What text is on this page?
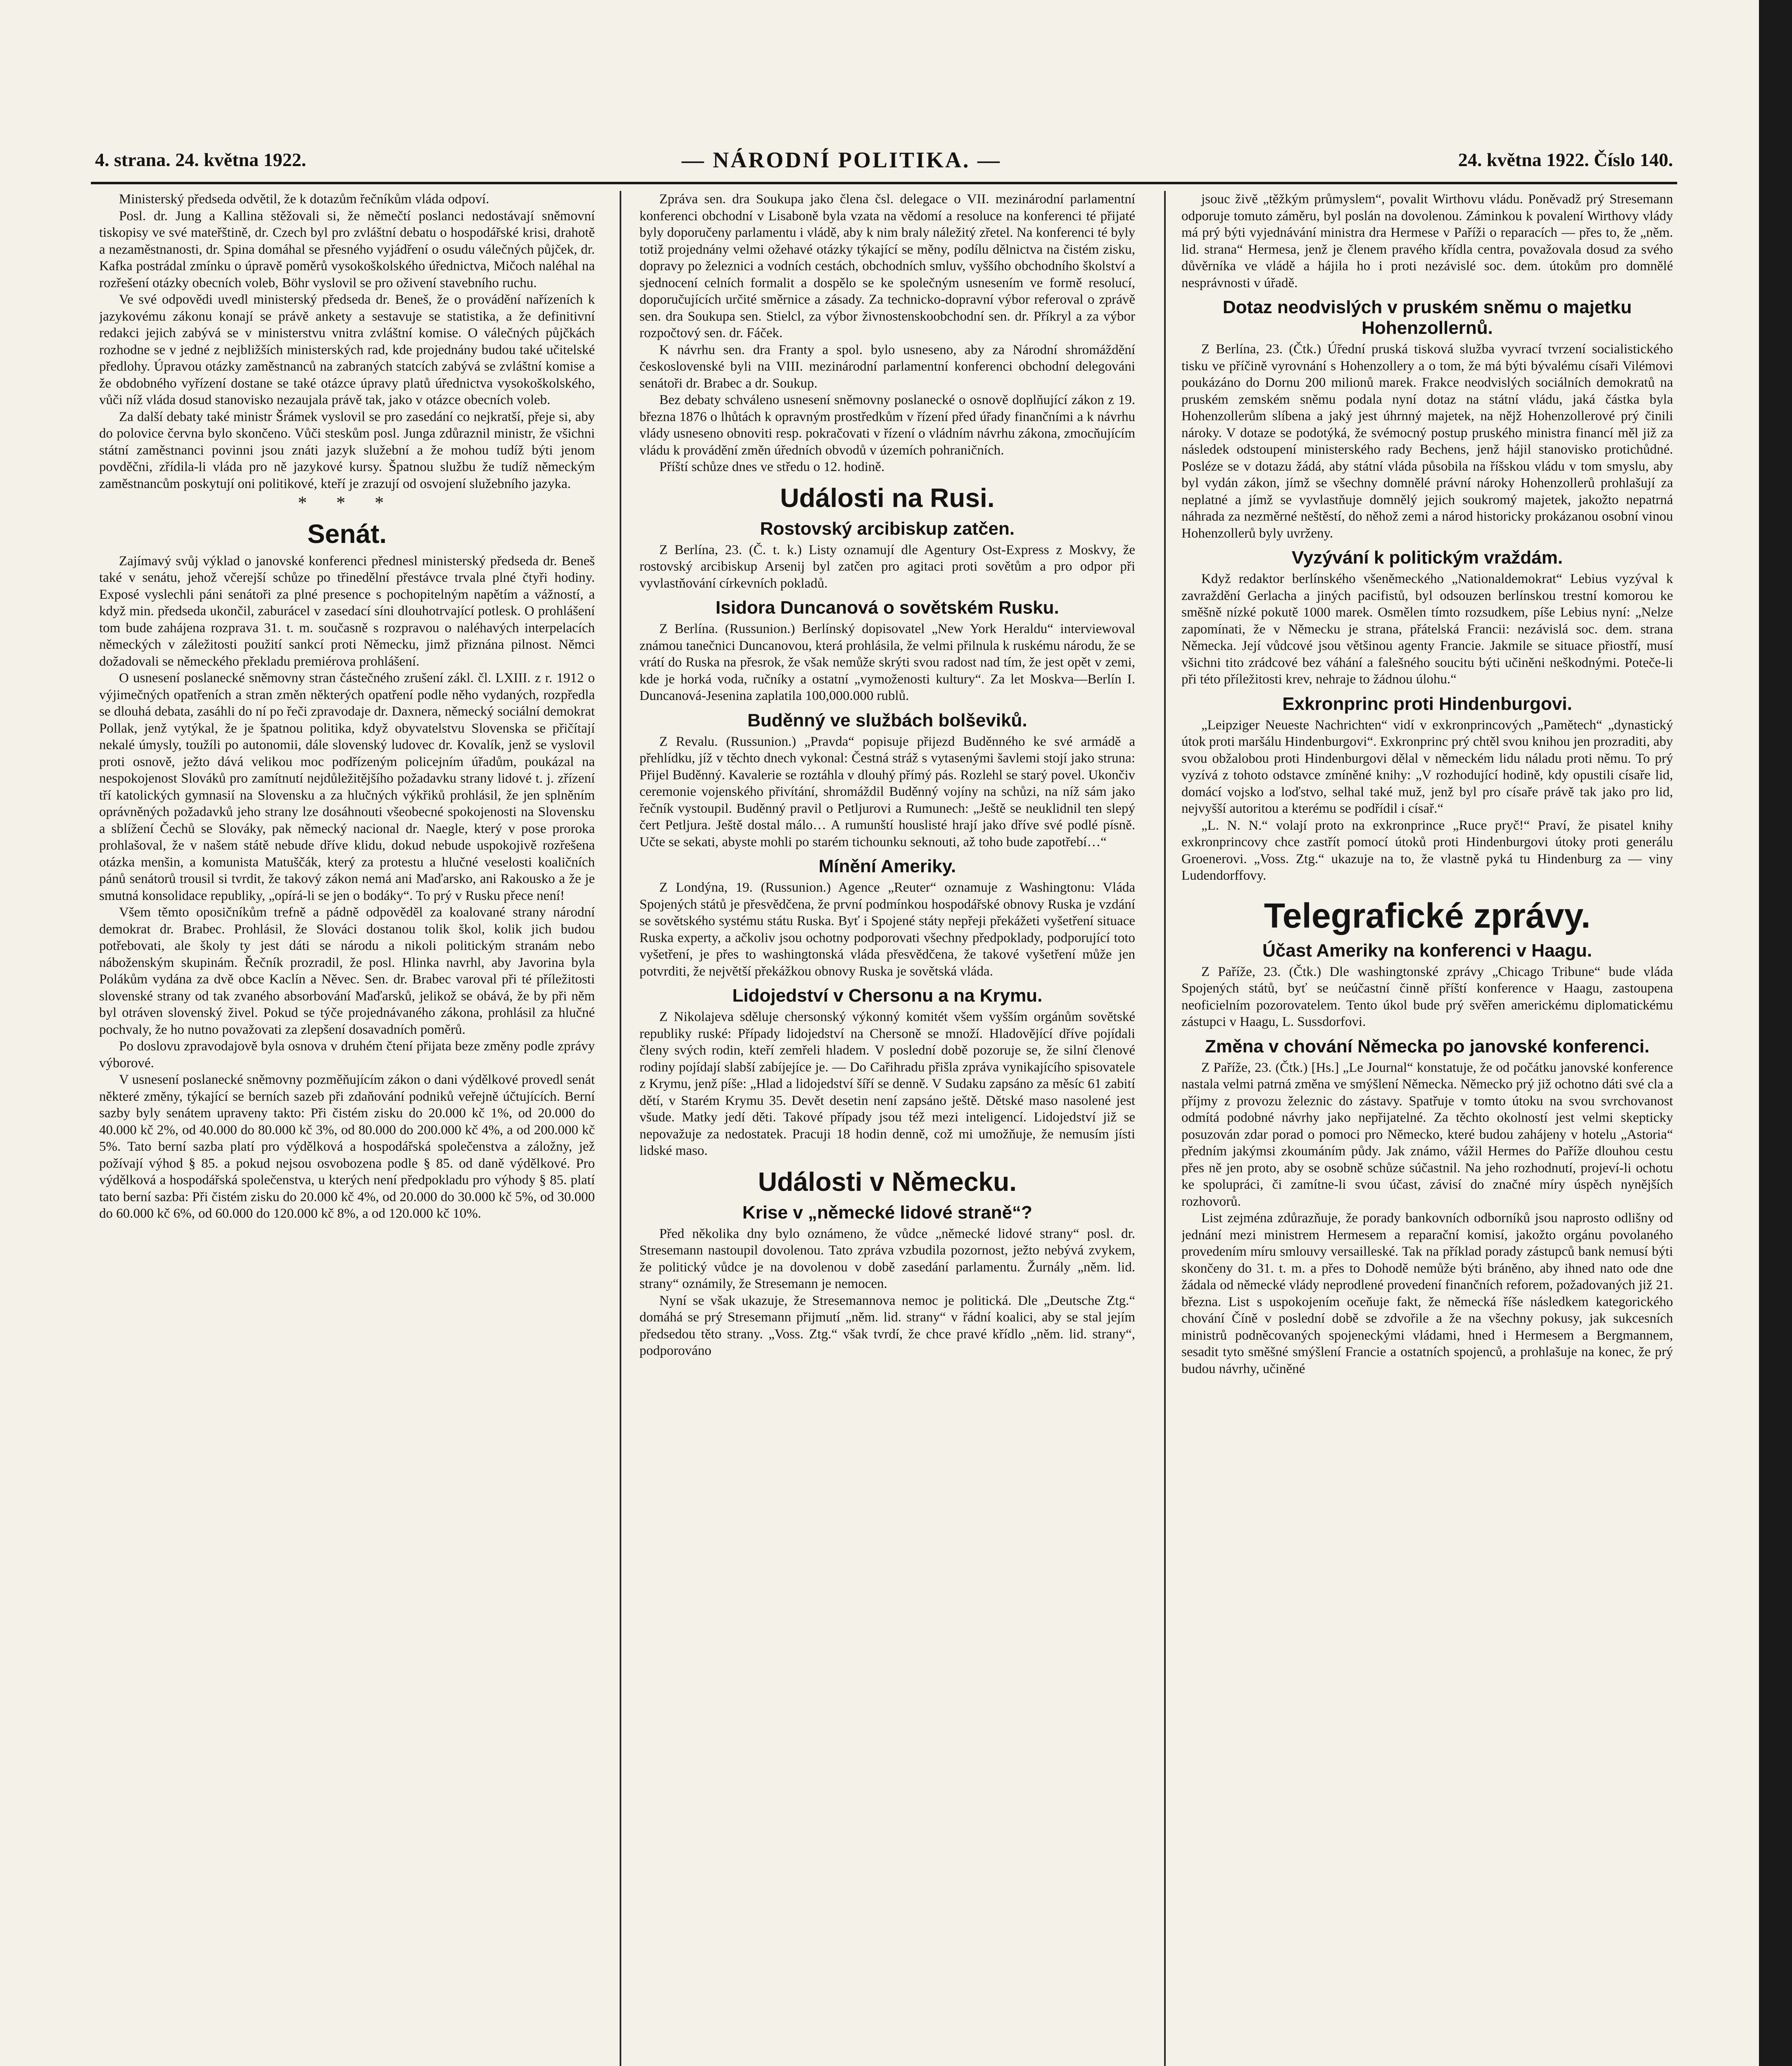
4. strana. 24. května 1922.	— NÁRODNÍ POLITIKA. —	24. května 1922. Číslo 140.

Ministerský předseda odvětil, že k dotazům řečníkům vláda odpoví.

Posl. dr. Jung a Kallina stěžovali si, že němečtí poslanci nedostávají sněmovní tiskopisy ve své mateřštině, dr. Czech byl pro zvláštní debatu o hospodářské krisi, drahotě a nezaměstnanosti, dr. Spina domáhal se přesného vyjádření o osudu válečných půjček, dr. Kafka postrádal zmínku o úpravě poměrů vysokoškolského úřednictva, Mičoch naléhal na rozřešení otázky obecních voleb, Böhr vyslovil se pro oživení stavebního ruchu.

Ve své odpovědi uvedl ministerský předseda dr. Beneš, že o provádění nařízeních k jazykovému zákonu konají se právě ankety a sestavuje se statistika, a že definitivní redakci jejich zabývá se v ministerstvu vnitra zvláštní komise. O válečných půjčkách rozhodne se v jedné z nejbližších ministerských rad, kde projednány budou také učitelské předlohy. Úpravou otázky zaměstnanců na zabraných statcích zabývá se zvláštní komise a že obdobného vyřízení dostane se také otázce úpravy platů úřednictva vysokoškolského, vůči níž vláda dosud stanovisko nezaujala právě tak, jako v otázce obecních voleb.

Za další debaty také ministr Šrámek vyslovil se pro zasedání co nejkratší, přeje si, aby do polovice června bylo skončeno. Vůči steskům posl. Junga zdůraznil ministr, že všichni státní zaměstnanci povinni jsou znáti jazyk služební a že mohou tudíž býti jenom povděčni, zřídila-li vláda pro ně jazykové kursy. Špatnou službu že tudíž německým zaměstnancům poskytují oni politikové, kteří je zrazují od osvojení služebního jazyka.

* * *
Senát.

Zajímavý svůj výklad o janovské konferenci přednesl ministerský předseda dr. Beneš také v senátu, jehož včerejší schůze po třinedělní přestávce trvala plné čtyři hodiny. Exposé vyslechli páni senátoři za plné presence s pochopitelným napětím a vážností, a když min. předseda ukončil, zaburácel v zasedací síni dlouhotrvající potlesk. O prohlášení tom bude zahájena rozprava 31. t. m. současně s rozpravou o naléhavých interpelacích německých v záležitosti použití sankcí proti Německu, jimž přiznána pilnost. Němci dožadovali se německého překladu premiérova prohlášení.

O usnesení poslanecké sněmovny stran částečného zrušení zákl. čl. LXIII. z r. 1912 o výjimečných opatřeních a stran změn některých opatření podle něho vydaných, rozpředla se dlouhá debata, zasáhli do ní po řeči zpravodaje dr. Daxnera, německý sociální demokrat Pollak, jenž vytýkal, že je špatnou politika, když obyvatelstvu Slovenska se přičítají nekalé úmysly, toužíli po autonomii, dále slovenský ludovec dr. Kovalík, jenž se vyslovil proti osnově, ježto dává velikou moc podřízeným policejním úřadům, poukázal na nespokojenost Slováků pro zamítnutí nejdůležitějšího požadavku strany lidové t. j. zřízení tří katolických gymnasií na Slovensku a za hlučných výkřiků prohlásil, že jen splněním oprávněných požadavků jeho strany lze dosáhnouti všeobecné spokojenosti na Slovensku a sblížení Čechů se Slováky, pak německý nacional dr. Naegle, který v pose proroka prohlašoval, že v našem státě nebude dříve klidu, dokud nebude uspokojivě rozřešena otázka menšin, a komunista Matuščák, který za protestu a hlučné veselosti koaličních pánů senátorů trousil si tvrdit, že takový zákon nemá ani Maďarsko, ani Rakousko a že je smutná konsolidace republiky, „opírá-li se jen o bodáky“. To prý v Rusku přece není!

Všem těmto oposičníkům trefně a pádně odpověděl za koalované strany národní demokrat dr. Brabec. Prohlásil, že Slováci dostanou tolik škol, kolik jich budou potřebovati, ale školy ty jest dáti se národu a nikoli politickým stranám nebo náboženským skupinám. Řečník prozradil, že posl. Hlinka navrhl, aby Javorina byla Polákům vydána za dvě obce Kaclín a Něvec. Sen. dr. Brabec varoval při té příležitosti slovenské strany od tak zvaného absorbování Maďarsků, jelikož se obává, že by při něm byl otráven slovenský živel. Pokud se týče projednávaného zákona, prohlásil za hlučné pochvaly, že ho nutno považovati za zlepšení dosavadních poměrů.

Po doslovu zpravodajově byla osnova v druhém čtení přijata beze změny podle zprávy výborové.

V usnesení poslanecké sněmovny pozměňujícím zákon o dani výdělkové provedl senát některé změny, týkající se berních sazeb při zdaňování podniků veřejně účtujících. Berní sazby byly senátem upraveny takto: Při čistém zisku do 20.000 kč 1%, od 20.000 do 40.000 kč 2%, od 40.000 do 80.000 kč 3%, od 80.000 do 200.000 kč 4%, a od 200.000 kč 5%. Tato berní sazba platí pro výdělková a hospodářská společenstva a záložny, jež požívají výhod § 85. a pokud nejsou osvobozena podle § 85. od daně výdělkové. Pro výdělková a hospodářská společenstva, u kterých není předpokladu pro výhody § 85. platí tato berní sazba: Při čistém zisku do 20.000 kč 4%, od 20.000 do 30.000 kč 5%, od 30.000 do 60.000 kč 6%, od 60.000 do 120.000 kč 8%, a od 120.000 kč 10%.

Zpráva sen. dra Soukupa jako člena čsl. delegace o VII. mezinárodní parlamentní konferenci obchodní v Lisaboně byla vzata na vědomí a resoluce na konferenci té přijaté byly doporučeny parlamentu i vládě, aby k nim braly náležitý zřetel. Na konferenci té byly totiž projednány velmi ožehavé otázky týkající se měny, podílu dělnictva na čistém zisku, dopravy po železnici a vodních cestách, obchodních smluv, vyššího obchodního školství a sjednocení celních formalit a dospělo se ke společným usnesením ve formě resolucí, doporučujících určité směrnice a zásady. Za technicko-dopravní výbor referoval o zprávě sen. dra Soukupa sen. Stielcl, za výbor živnostenskoobchodní sen. dr. Příkryl a za výbor rozpočtový sen. dr. Fáček.

K návrhu sen. dra Franty a spol. bylo usneseno, aby za Národní shromáždění československé byli na VIII. mezinárodní parlamentní konferenci obchodní delegováni senátoři dr. Brabec a dr. Soukup.

Bez debaty schváleno usnesení sněmovny poslanecké o osnově doplňující zákon z 19. března 1876 o lhůtách k opravným prostředkům v řízení před úřady finančními a k návrhu vlády usneseno obnoviti resp. pokračovati v řízení o vládním návrhu zákona, zmocňujícím vládu k provádění změn úředních obvodů v územích pohraničních.

Příští schůze dnes ve středu o 12. hodině.

Události na Rusi.
Rostovský arcibiskup zatčen.

Z Berlína, 23. (Č. t. k.) Listy oznamují dle Agentury Ost-Express z Moskvy, že rostovský arcibiskup Arsenij byl zatčen pro agitaci proti sovětům a pro odpor při vyvlastňování církevních pokladů.

Isidora Duncanová o sovětském Rusku.

Z Berlína. (Russunion.) Berlínský dopisovatel „New York Heraldu“ interviewoval známou tanečnici Duncanovou, která prohlásila, že velmi přilnula k ruskému národu, že se vrátí do Ruska na přesrok, že však nemůže skrýti svou radost nad tím, že jest opět v zemi, kde je horká voda, ručníky a ostatní „vymoženosti kultury“. Za let Moskva—Berlín I. Duncanová-Jesenina zaplatila 100,000.000 rublů.

Buděnný ve službách bolševiků.

Z Revalu. (Russunion.) „Pravda“ popisuje přijezd Buděnného ke své armádě a přehlídku, jíž v těchto dnech vykonal: Čestná stráž s vytasenými šavlemi stojí jako struna: Přijel Buděnný. Kavalerie se roztáhla v dlouhý přímý pás. Rozlehl se starý povel. Ukončiv ceremonie vojenského přivítání, shromáždil Buděnný vojíny na schůzi, na níž sám jako řečník vystoupil. Buděnný pravil o Petljurovi a Rumunech: „Ještě se neuklidnil ten slepý čert Petljura. Ještě dostal málo… A rumunští houslisté hrají jako dříve své podlé písně. Učte se sekati, abyste mohli po starém tichounku seknouti, až toho bude zapotřebí…“

Mínění Ameriky.

Z Londýna, 19. (Russunion.) Agence „Reuter“ oznamuje z Washingtonu: Vláda Spojených států je přesvědčena, že první podmínkou hospodářské obnovy Ruska je vzdání se sovětského systému státu Ruska. Byť i Spojené státy nepřeji překážeti vyšetření situace Ruska experty, a ačkoliv jsou ochotny podporovati všechny předpoklady, podporující toto vyšetření, je přes to washingtonská vláda přesvědčena, že takové vyšetření může jen potvrditi, že největší překážkou obnovy Ruska je sovětská vláda.

Lidojedství v Chersonu a na Krymu.

Z Nikolajeva sděluje chersonský výkonný komitét všem vyšším orgánům sovětské republiky ruské: Případy lidojedství na Chersoně se množí. Hladovějící dříve pojídali členy svých rodin, kteří zemřeli hladem. V poslední době pozoruje se, že silní členové rodiny pojídají slabší zabíjejíce je. — Do Cařihradu přišla zpráva vynikajícího spisovatele z Krymu, jenž píše: „Hlad a lidojedství šíří se denně. V Sudaku zapsáno za měsíc 61 zabití dětí, v Starém Krymu 35. Devět desetin není zapsáno ještě. Dětské maso nasolené jest všude. Matky jedí děti. Takové případy jsou též mezi inteligencí. Lidojedství již se nepovažuje za nedostatek. Pracuji 18 hodin denně, což mi umožňuje, že nemusím jísti lidské maso.

Události v Německu.
Krise v „německé lidové straně“?

Před několika dny bylo oznámeno, že vůdce „německé lidové strany“ posl. dr. Stresemann nastoupil dovolenou. Tato zpráva vzbudila pozornost, ježto nebývá zvykem, že politický vůdce je na dovolenou v době zasedání parlamentu. Žurnály „něm. lid. strany“ oznámily, že Stresemann je nemocen.

Nyní se však ukazuje, že Stresemannova nemoc je politická. Dle „Deutsche Ztg.“ domáhá se prý Stresemann přijmutí „něm. lid. strany“ v řádní koalici, aby se stal jejím předsedou těto strany. „Voss. Ztg.“ však tvrdí, že chce pravé křídlo „něm. lid. strany“, podporováno

jsouc živě „těžkým průmyslem“, povalit Wirthovu vládu. Poněvadž prý Stresemann odporuje tomuto záměru, byl poslán na dovolenou. Záminkou k povalení Wirthovy vlády má prý býti vyjednávání ministra dra Hermese v Paříži o reparacích — přes to, že „něm. lid. strana“ Hermesa, jenž je členem pravého křídla centra, považovala dosud za svého důvěrníka ve vládě a hájila ho i proti nezávislé soc. dem. útokům pro domnělé nesprávnosti v úřadě.

Dotaz neodvislých v pruském sněmu o majetku Hohenzollernů.

Z Berlína, 23. (Čtk.) Úřední pruská tisková služba vyvrací tvrzení socialistického tisku ve příčině vyrovnání s Hohenzollery a o tom, že má býti bývalému císaři Vilémovi poukázáno do Dornu 200 milionů marek. Frakce neodvislých sociálních demokratů na pruském zemském sněmu podala nyní dotaz na státní vládu, jaká částka byla Hohenzollerům slíbena a jaký jest úhrnný majetek, na nějž Hohenzollerové prý činili nároky. V dotaze se podotýká, že svémocný postup pruského ministra financí měl již za následek odstoupení ministerského rady Bechens, jenž hájil stanovisko protichůdné. Posléze se v dotazu žádá, aby státní vláda působila na říšskou vládu v tom smyslu, aby byl vydán zákon, jímž se všechny domnělé právní nároky Hohenzollerů prohlašují za neplatné a jímž se vyvlastňuje domnělý jejich soukromý majetek, jakožto nepatrná náhrada za nezměrné neštěstí, do něhož zemi a národ historicky prokázanou osobní vinou Hohenzollerů byly uvrženy.

Vyzývání k politickým vraždám.

Když redaktor berlínského všeněmeckého „Nationaldemokrat“ Lebius vyzýval k zavraždění Gerlacha a jiných pacifistů, byl odsouzen berlínskou trestní komorou ke směšně nízké pokutě 1000 marek. Osmělen tímto rozsudkem, píše Lebius nyní: „Nelze zapomínati, že v Německu je strana, přátelská Francii: nezávislá soc. dem. strana Německa. Její vůdcové jsou většinou agenty Francie. Jakmile se situace přiostří, musí všichni tito zrádcové bez váhání a falešného soucitu býti učiněni neškodnými. Poteče-li při této příležitosti krev, nehraje to žádnou úlohu.“

Exkronprinc proti Hindenburgovi.

„Leipziger Neueste Nachrichten“ vidí v exkronprincových „Pamětech“ „dynastický útok proti maršálu Hindenburgovi“. Exkronprinc prý chtěl svou knihou jen prozraditi, aby svou obžalobou proti Hindenburgovi dělal v německém lidu náladu proti němu. To prý vyzívá z tohoto odstavce zmíněné knihy: „V rozhodující hodině, kdy opustili císaře lid, domácí vojsko a loďstvo, selhal také muž, jenž byl pro císaře právě tak jako pro lid, nejvyšší autoritou a kterému se podřídil i císař.“

„L. N. N.“ volají proto na exkronprince „Ruce pryč!“ Praví, že pisatel knihy exkronprincovy chce zastřít pomocí útoků proti Hindenburgovi útoky proti generálu Groenerovi. „Voss. Ztg.“ ukazuje na to, že vlastně pyká tu Hindenburg za — viny Ludendorffovy.

Telegrafické zprávy.
Účast Ameriky na konferenci v Haagu.

Z Paříže, 23. (Čtk.) Dle washingtonské zprávy „Chicago Tribune“ bude vláda Spojených států, byť se neúčastní činně příští konference v Haagu, zastoupena neoficielním pozorovatelem. Tento úkol bude prý svěřen americkému diplomatickému zástupci v Haagu, L. Sussdorfovi.

Změna v chování Německa po janovské konferenci.

Z Paříže, 23. (Čtk.) [Hs.] „Le Journal“ konstatuje, že od počátku janovské konference nastala velmi patrná změna ve smýšlení Německa. Německo prý již ochotno dáti své cla a příjmy z provozu železnic do zástavy. Spatřuje v tomto útoku na svou svrchovanost odmítá podobné návrhy jako nepřijatelné. Za těchto okolností jest velmi skepticky posuzován zdar porad o pomoci pro Německo, které budou zahájeny v hotelu „Astoria“ předním jakýmsi zkoumáním půdy. Jak známo, vážil Hermes do Paříže dlouhou cestu přes ně jen proto, aby se osobně schůze súčastnil. Na jeho rozhodnutí, projeví-li ochotu ke spolupráci, či zamítne-li svou účast, závisí do značné míry úspěch nynějších rozhovorů.

List zejména zdůrazňuje, že porady bankovních odborníků jsou naprosto odlišny od jednání mezi ministrem Hermesem a reparační komisí, jakožto orgánu povolaného provedením míru smlouvy versailleské. Tak na příklad porady zástupců bank nemusí býti skončeny do 31. t. m. a přes to Dohodě nemůže býti bráněno, aby ihned nato ode dne žádala od německé vlády neprodlené provedení finančních reforem, požadovaných již 21. března. List s uspokojením oceňuje fakt, že německá říše následkem kategorického chování Číně v poslední době se zdvořile a že na všechny pokusy, jak sukcesních ministrů podněcovaných spojeneckými vládami, hned i Hermesem a Bergmannem, sesadit tyto směšné smýšlení Francie a ostatních spojenců, a prohlašuje na konec, že prý budou návrhy, učiněné
